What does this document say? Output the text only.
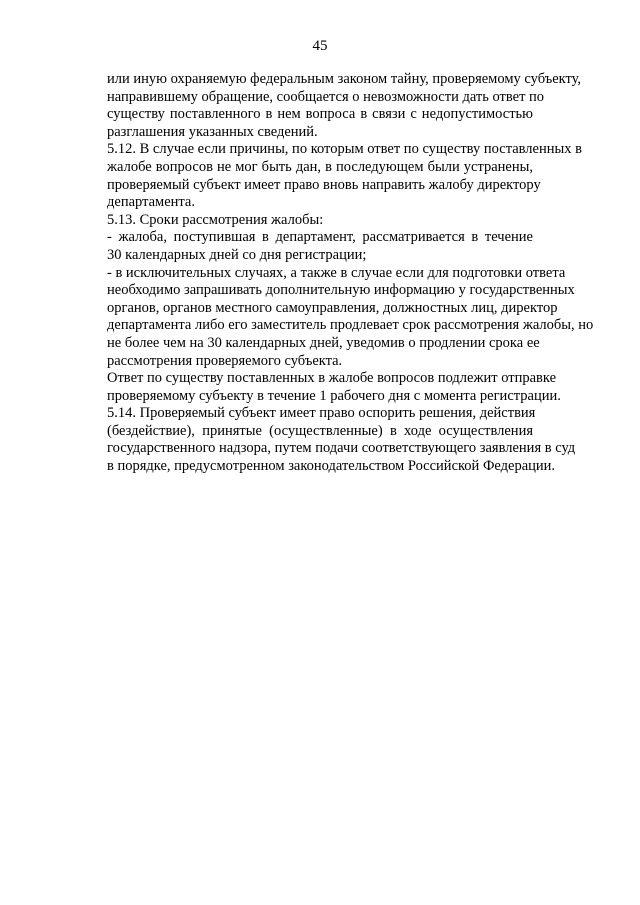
45
или иную охраняемую федеральным законом тайну, проверяемому субъекту,
направившему обращение, сообщается о невозможности дать ответ по
существу поставленного в нем вопроса в связи с недопустимостью
разглашения указанных сведений.
5.12. В случае если причины, по которым ответ по существу поставленных в
жалобе вопросов не мог быть дан, в последующем были устранены,
проверяемый субъект имеет право вновь направить жалобу директору
департамента.
5.13. Сроки рассмотрения жалобы:
- жалоба, поступившая в департамент, рассматривается в течение
30 календарных дней со дня регистрации;
- в исключительных случаях, а также в случае если для подготовки ответа
необходимо запрашивать дополнительную информацию у государственных
органов, органов местного самоуправления, должностных лиц, директор
департамента либо его заместитель продлевает срок рассмотрения жалобы, но
не более чем на 30 календарных дней, уведомив о продлении срока ее
рассмотрения проверяемого субъекта.
Ответ по существу поставленных в жалобе вопросов подлежит отправке
проверяемому субъекту в течение 1 рабочего дня с момента регистрации.
5.14. Проверяемый субъект имеет право оспорить решения, действия
(бездействие), принятые (осуществленные) в ходе осуществления
государственного надзора, путем подачи соответствующего заявления в суд
в порядке, предусмотренном законодательством Российской Федерации.
